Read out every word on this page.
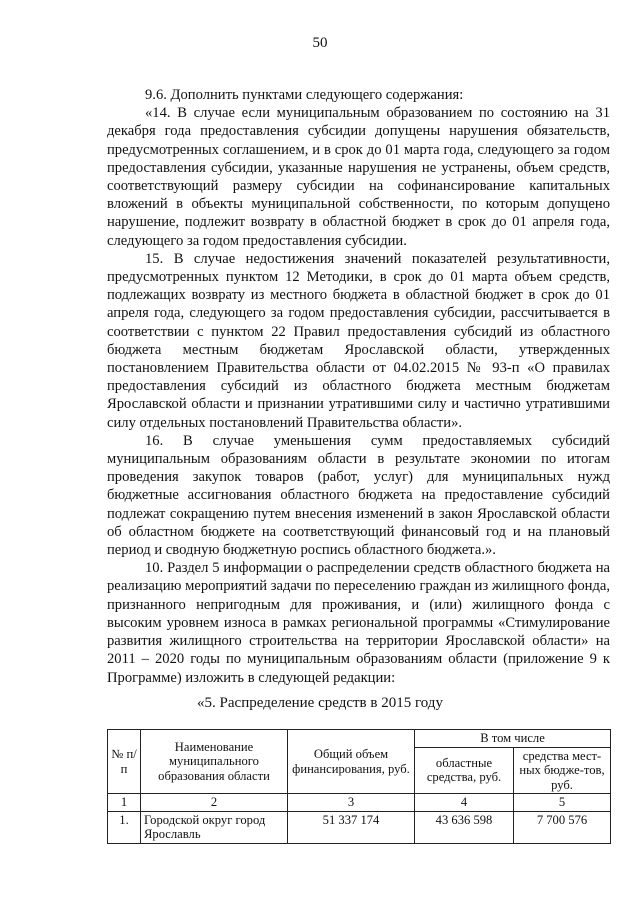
50

9.6. Дополнить пунктами следующего содержания:

«14. В случае если муниципальным образованием по состоянию на 31 декабря года предоставления субсидии допущены нарушения обязательств, предусмотренных соглашением, и в срок до 01 марта года, следующего за годом предоставления субсидии, указанные нарушения не устранены, объем средств, соответствующий размеру субсидии на софинансирование капитальных вложений в объекты муниципальной собственности, по которым допущено нарушение, подлежит возврату в областной бюджет в срок до 01 апреля года, следующего за годом предоставления субсидии.

15. В случае недостижения значений показателей результативности, предусмотренных пунктом 12 Методики, в срок до 01 марта объем средств, подлежащих возврату из местного бюджета в областной бюджет в срок до 01 апреля года, следующего за годом предоставления субсидии, рассчитывается в соответствии с пунктом 22 Правил предоставления субсидий из областного бюджета местным бюджетам Ярославской области, утвержденных постановлением Правительства области от 04.02.2015 № 93-п «О правилах предоставления субсидий из областного бюджета местным бюджетам Ярославской области и признании утратившими силу и частично утратившими силу отдельных постановлений Правительства области».

16. В случае уменьшения сумм предоставляемых субсидий муниципальным образованиям области в результате экономии по итогам проведения закупок товаров (работ, услуг) для муниципальных нужд бюджетные ассигнования областного бюджета на предоставление субсидий подлежат сокращению путем внесения изменений в закон Ярославской области об областном бюджете на соответствующий финансовый год и на плановый период и сводную бюджетную роспись областного бюджета.».

10. Раздел 5 информации о распределении средств областного бюджета на реализацию мероприятий задачи по переселению граждан из жилищного фонда, признанного непригодным для проживания, и (или) жилищного фонда с высоким уровнем износа в рамках региональной программы «Стимулирование развития жилищного строительства на территории Ярославской области» на 2011 – 2020 годы по муниципальным образованиям области (приложение 9 к Программе) изложить в следующей редакции:

«5. Распределение средств в 2015 году
№ п/п	Наименование муниципального образования области	Общий объем финансирования, руб.	В том числе	
			областные средства, руб.	средства мест-ных бюдже-тов, руб.
1	2	3	4	5
1.	Городской округ город Ярославль	51 337 174	43 636 598	7 700 576
